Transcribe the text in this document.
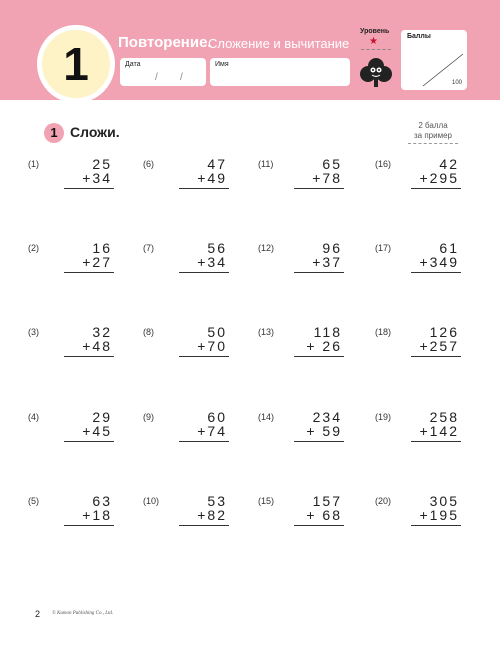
1	Повторение.
Сложение и вычитание
Дата
/ /
Имя
Уровень
★	Баллы
100
1 Сложи.	2 балла
за пример
(1)	25
+34
(6)	47
+49
(11)	65
+78
(16)	42
+295
(2)	16
+27
(7)	56
+34
(12)	96
+37
(17)	61
+349
(3)	32
+48
(8)	50
+70
(13)	118
+ 26
(18)	126
+257
(4)	29
+45
(9)	60
+74
(14)	234
+ 59
(19)	258
+142
(5)	63
+18
(10)	53
+82
(15)	157
+ 68
(20)	305
+195
2 © Kumon Publishing Co., Ltd.
